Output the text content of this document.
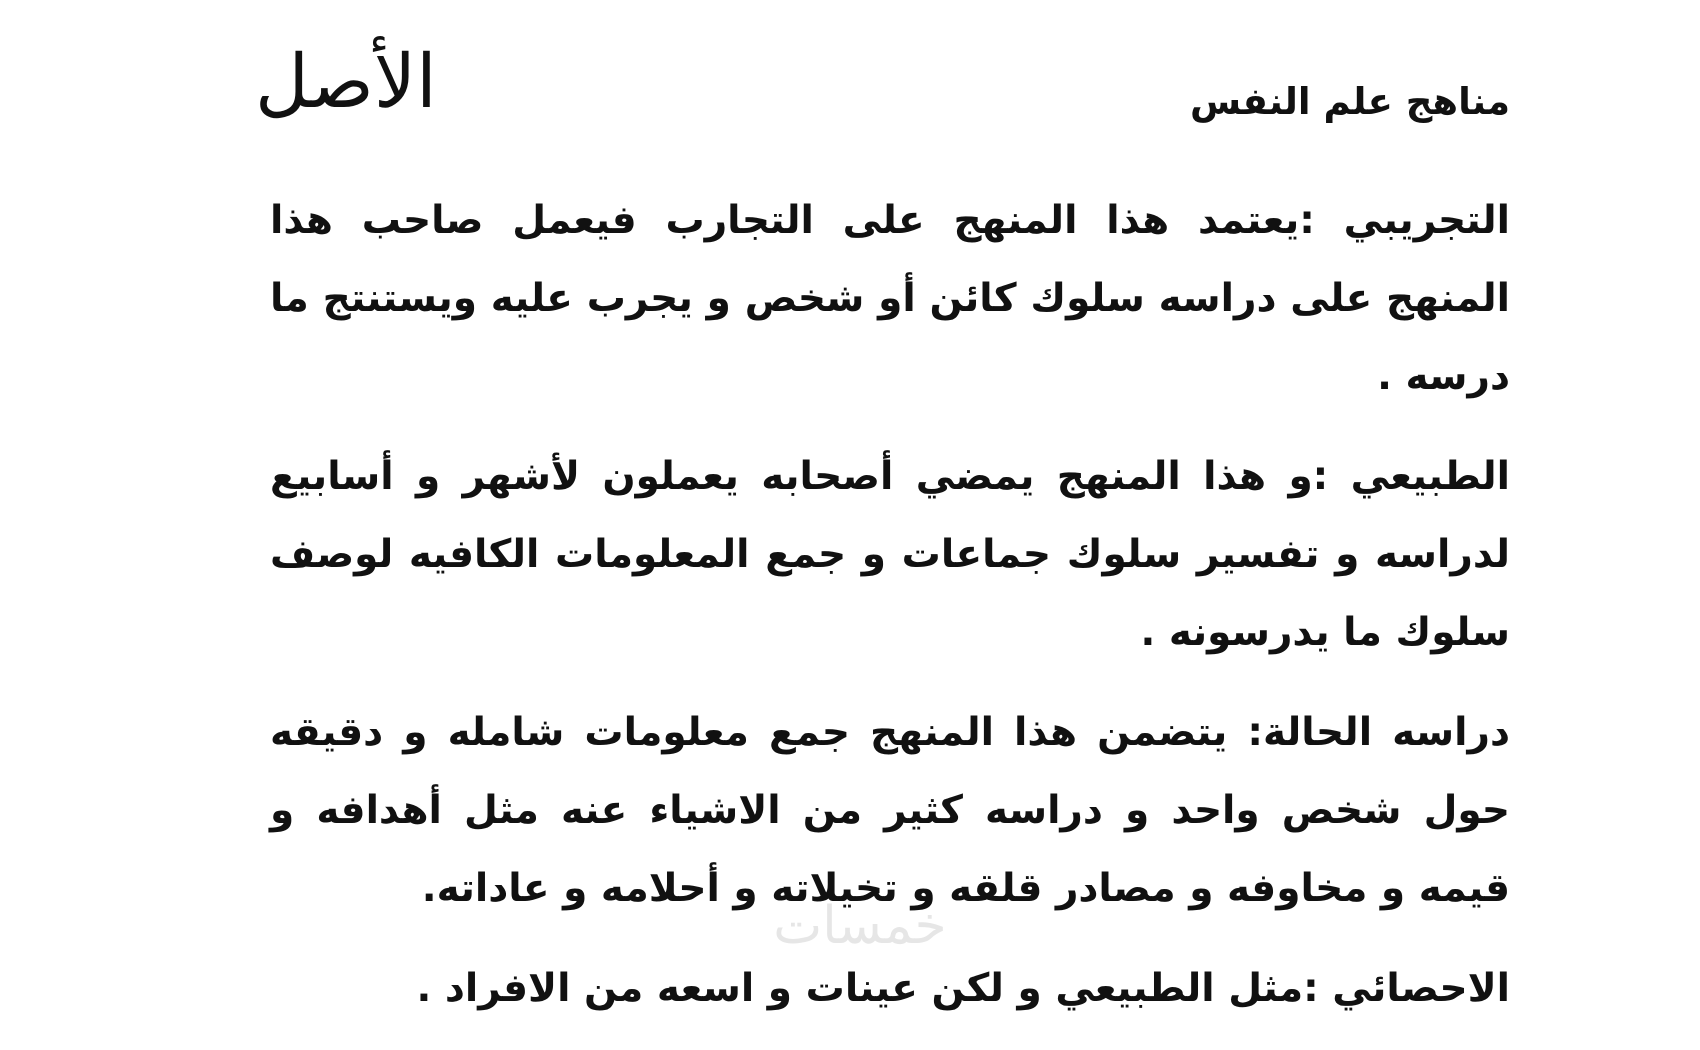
الأصل	مناهج علم النفس

التجريبي :يعتمد هذا المنهج على التجارب فيعمل صاحب هذا المنهج على دراسه سلوك كائن أو شخص و يجرب عليه ويستنتج ما درسه .

الطبيعي :و هذا المنهج يمضي أصحابه يعملون لأشهر و أسابيع لدراسه و تفسير سلوك جماعات و جمع المعلومات الكافيه لوصف سلوك ما يدرسونه .

دراسه الحالة: يتضمن هذا المنهج جمع معلومات شامله و دقيقه حول شخص واحد و دراسه كثير من الاشياء عنه مثل أهدافه و قيمه و مخاوفه و مصادر قلقه و تخيلاته و أحلامه و عاداته.

الاحصائي :مثل الطبيعي و لكن عينات و اسعه من الافراد .

خمسات
